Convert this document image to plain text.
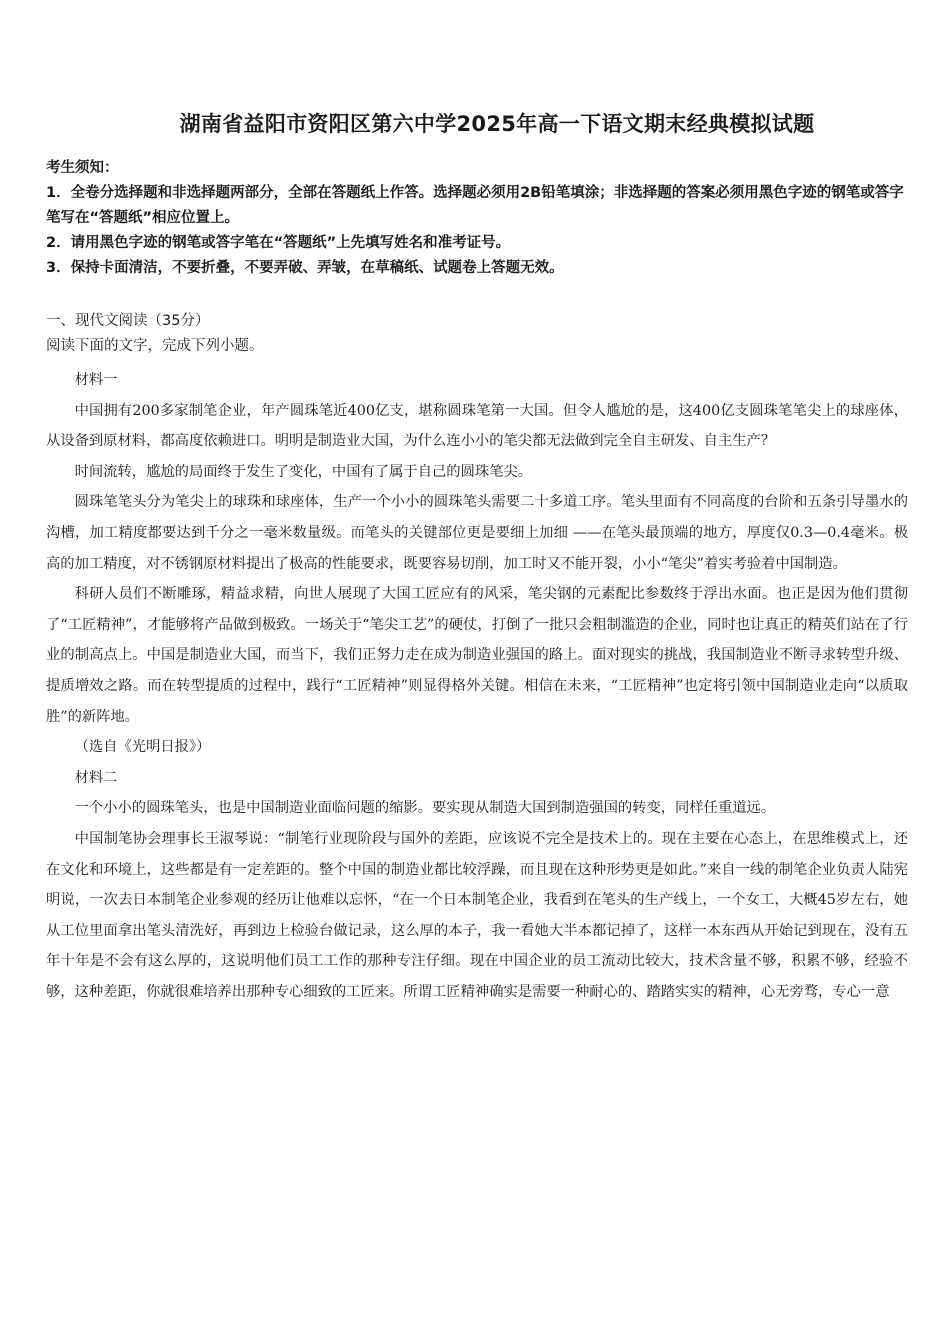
湖南省益阳市资阳区第六中学2025年高一下语文期末经典模拟试题

考生须知：

1．全卷分选择题和非选择题两部分，全部在答题纸上作答。选择题必须用2B铅笔填涂；非选择题的答案必须用黑色字迹的钢笔或答字笔写在“答题纸”相应位置上。

2．请用黑色字迹的钢笔或答字笔在“答题纸”上先填写姓名和准考证号。

3．保持卡面清洁，不要折叠，不要弄破、弄皱，在草稿纸、试题卷上答题无效。

一、现代文阅读（35分）

阅读下面的文字，完成下列小题。

材料一

中国拥有200多家制笔企业，年产圆珠笔近400亿支，堪称圆珠笔第一大国。但令人尴尬的是，这400亿支圆珠笔笔尖上的球座体，从设备到原材料，都高度依赖进口。明明是制造业大国，为什么连小小的笔尖都无法做到完全自主研发、自主生产？

时间流转，尴尬的局面终于发生了变化，中国有了属于自己的圆珠笔尖。

圆珠笔笔头分为笔尖上的球珠和球座体，生产一个小小的圆珠笔头需要二十多道工序。笔头里面有不同高度的台阶和五条引导墨水的沟槽，加工精度都要达到千分之一毫米数量级。而笔头的关键部位更是要细上加细 ——在笔头最顶端的地方，厚度仅0.3—0.4毫米。极高的加工精度，对不锈钢原材料提出了极高的性能要求，既要容易切削，加工时又不能开裂，小小“笔尖”着实考验着中国制造。

科研人员们不断雕琢，精益求精，向世人展现了大国工匠应有的风采，笔尖钢的元素配比参数终于浮出水面。也正是因为他们贯彻了“工匠精神”，才能够将产品做到极致。一场关于“笔尖工艺”的硬仗，打倒了一批只会粗制滥造的企业，同时也让真正的精英们站在了行业的制高点上。中国是制造业大国，而当下，我们正努力走在成为制造业强国的路上。面对现实的挑战，我国制造业不断寻求转型升级、提质增效之路。而在转型提质的过程中，践行“工匠精神”则显得格外关键。相信在未来，“工匠精神”也定将引领中国制造业走向“以质取胜”的新阵地。

（选自《光明日报》）

材料二

一个小小的圆珠笔头，也是中国制造业面临问题的缩影。要实现从制造大国到制造强国的转变，同样任重道远。

中国制笔协会理事长王淑琴说：“制笔行业现阶段与国外的差距，应该说不完全是技术上的。现在主要在心态上，在思维模式上，还在文化和环境上，这些都是有一定差距的。整个中国的制造业都比较浮躁，而且现在这种形势更是如此。”来自一线的制笔企业负责人陆宪明说，一次去日本制笔企业参观的经历让他难以忘怀，“在一个日本制笔企业，我看到在笔头的生产线上，一个女工，大概45岁左右，她从工位里面拿出笔头清洗好，再到边上检验台做记录，这么厚的本子，我一看她大半本都记掉了，这样一本东西从开始记到现在，没有五年十年是不会有这么厚的，这说明他们员工工作的那种专注仔细。现在中国企业的员工流动比较大，技术含量不够，积累不够，经验不够，这种差距，你就很难培养出那种专心细致的工匠来。所谓工匠精神确实是需要一种耐心的、踏踏实实的精神，心无旁骛，专心一意
